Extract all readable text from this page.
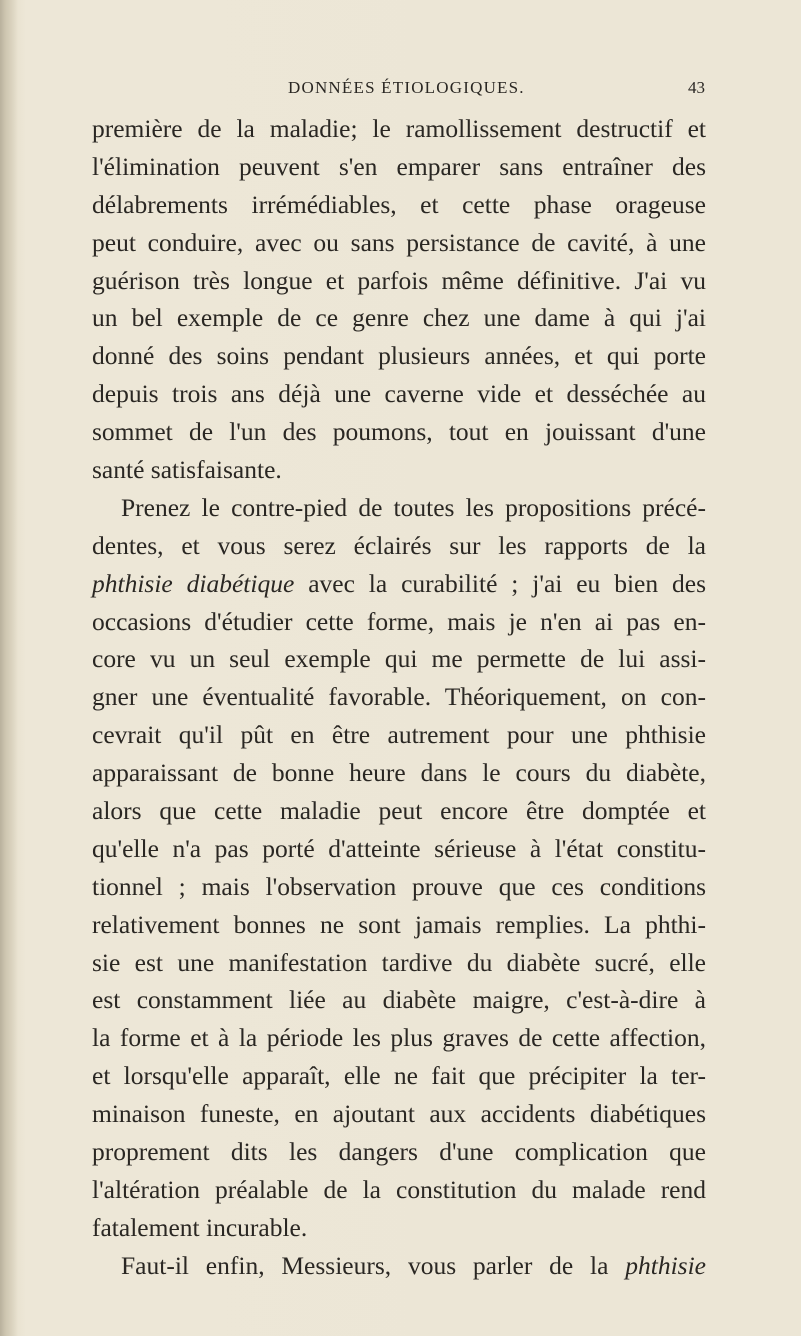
DONNÉES ÉTIOLOGIQUES.	43
première de la maladie; le ramollissement destructif et
l'élimination peuvent s'en emparer sans entraîner des
délabrements irrémédiables, et cette phase orageuse
peut conduire, avec ou sans persistance de cavité, à une
guérison très longue et parfois même définitive. J'ai vu
un bel exemple de ce genre chez une dame à qui j'ai
donné des soins pendant plusieurs années, et qui porte
depuis trois ans déjà une caverne vide et desséchée au
sommet de l'un des poumons, tout en jouissant d'une
santé satisfaisante.
Prenez le contre-pied de toutes les propositions précé-
dentes, et vous serez éclairés sur les rapports de la
phthisie diabétique avec la curabilité ; j'ai eu bien des
occasions d'étudier cette forme, mais je n'en ai pas en-
core vu un seul exemple qui me permette de lui assi-
gner une éventualité favorable. Théoriquement, on con-
cevrait qu'il pût en être autrement pour une phthisie
apparaissant de bonne heure dans le cours du diabète,
alors que cette maladie peut encore être domptée et
qu'elle n'a pas porté d'atteinte sérieuse à l'état constitu-
tionnel ; mais l'observation prouve que ces conditions
relativement bonnes ne sont jamais remplies. La phthi-
sie est une manifestation tardive du diabète sucré, elle
est constamment liée au diabète maigre, c'est-à-dire à
la forme et à la période les plus graves de cette affection,
et lorsqu'elle apparaît, elle ne fait que précipiter la ter-
minaison funeste, en ajoutant aux accidents diabétiques
proprement dits les dangers d'une complication que
l'altération préalable de la constitution du malade rend
fatalement incurable.
Faut-il enfin, Messieurs, vous parler de la phthisie
